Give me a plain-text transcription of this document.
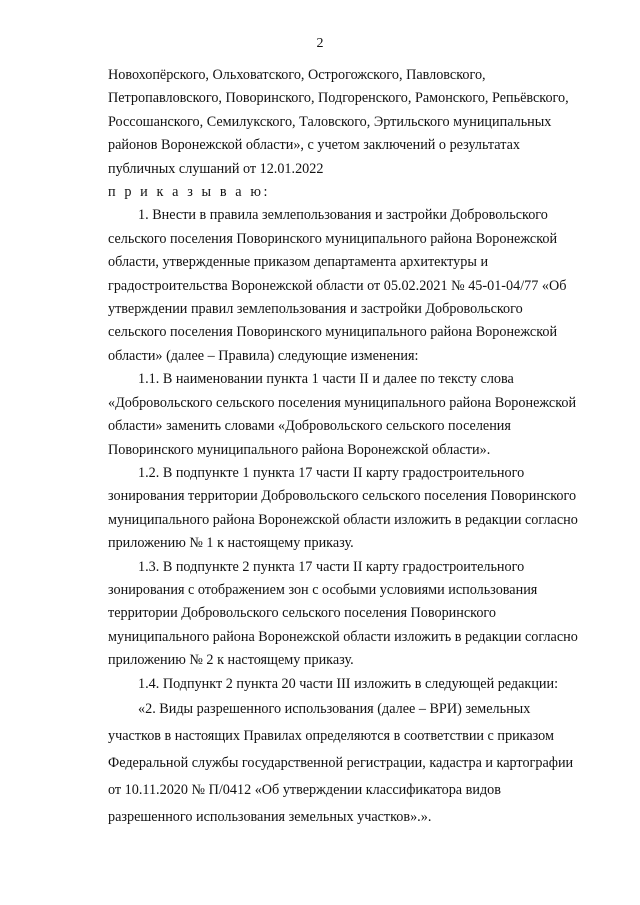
2

Новохопёрского, Ольховатского, Острогожского, Павловского,

Петропавловского, Поворинского, Подгоренского, Рамонского, Репьёвского,

Россошанского, Семилукского, Таловского, Эртильского муниципальных

районов Воронежской области», с учетом заключений о результатах

публичных слушаний от 12.01.2022

п р и к а з ы в а ю:

1. Внести в правила землепользования и застройки Добровольского

сельского поселения Поворинского муниципального района Воронежской

области, утвержденные приказом департамента архитектуры и

градостроительства Воронежской области от 05.02.2021 № 45-01-04/77 «Об

утверждении правил землепользования и застройки Добровольского

сельского поселения Поворинского муниципального района Воронежской

области» (далее – Правила) следующие изменения:

1.1. В наименовании пункта 1 части II и далее по тексту слова

«Добровольского сельского поселения муниципального района Воронежской

области» заменить словами «Добровольского сельского поселения

Поворинского муниципального района Воронежской области».

1.2. В подпункте 1 пункта 17 части II карту градостроительного

зонирования территории Добровольского сельского поселения Поворинского

муниципального района Воронежской области изложить в редакции согласно

приложению № 1 к настоящему приказу.

1.3. В подпункте 2 пункта 17 части II карту градостроительного

зонирования с отображением зон с особыми условиями использования

территории Добровольского сельского поселения Поворинского

муниципального района Воронежской области изложить в редакции согласно

приложению № 2 к настоящему приказу.

1.4. Подпункт 2 пункта 20 части III изложить в следующей редакции:

«2. Виды разрешенного использования (далее – ВРИ) земельных

участков в настоящих Правилах определяются в соответствии с приказом

Федеральной службы государственной регистрации, кадастра и картографии

от 10.11.2020 № П/0412 «Об утверждении классификатора видов

разрешенного использования земельных участков».».
